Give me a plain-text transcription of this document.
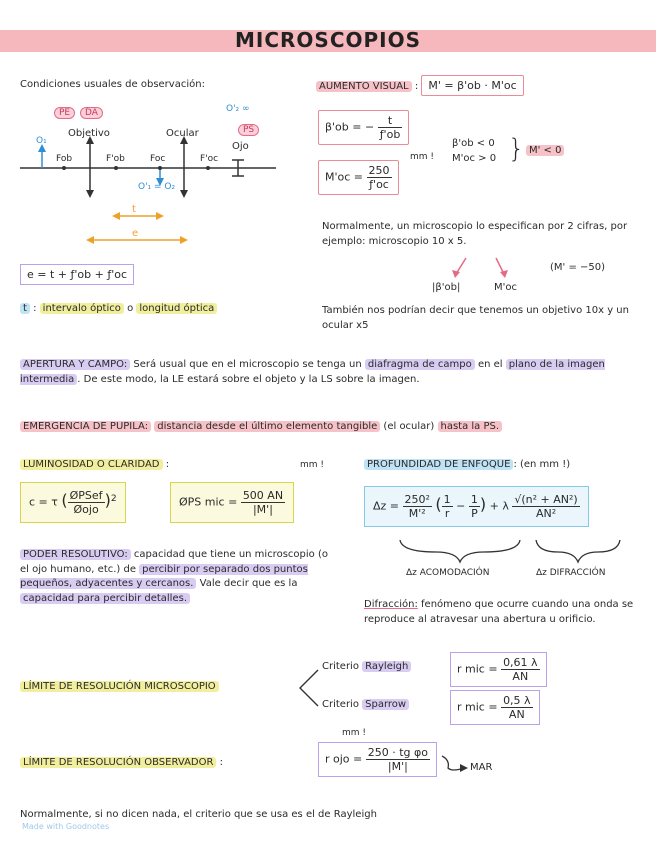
MICROSCOPIOS
Condiciones usuales de observación:
PE	DA	O'₂ ∞
PS
O₁
Objetivo	Ocular
Ojo
Fob	F'ob	Foc	F'oc
O'₁ = O₂
t
e
e = t + ƒ'ob + ƒ'oc
t : intervalo óptico o longitud óptica
AUMENTO VISUAL : M' = β'ob · M'oc
β'ob = − $\frac{t}{ƒ'ob}$
$M'oc = \frac{250}{ƒ'oc}$
mm !
β'ob < 0
M'oc > 0 } M' < 0
Normalmente, un microscopio lo especifican por 2 cifras, por ejemplo: microscopio 10 x 5.
|β'ob|	M'oc
(M' = −50)
También nos podrían decir que tenemos un objetivo 10x y un ocular x5
APERTURA Y CAMPO: Será usual que en el microscopio se tenga un diafragma de campo en el plano de la imagen intermedia . De este modo, la LE estará sobre el objeto y la LS sobre la imagen.
EMERGENCIA DE PUPILA: distancia desde el último elemento tangible (el ocular) hasta la PS.
LUMINOSIDAD O CLARIDAD :	mm !
c = τ ( $\frac{\text{ØPSef}}{\text{Øojo}} )^2$	ØPS mic = $\frac{500 AN}{|M'|}$
PROFUNDIDAD DE ENFOQUE : (en mm !)
$\Delta z = \frac{\text{250²}}{\text{M'²}}$ ( $\frac{1}{r} - \frac{1}{P}$ ) + λ $\frac{\text{√(n² + AN²)}}{\text{AN²}}$
Δz ACOMODACIÓN	Δz DIFRACCIÓN
PODER RESOLUTIVO: capacidad que tiene un microscopio (o el ojo humano, etc.) de percibir por separado dos puntos pequeños, adyacentes y cercanos. Vale decir que es la capacidad para percibir detalles.
Difracción: fenómeno que ocurre cuando una onda se reproduce al atravesar una abertura u orificio.
LÍMITE DE RESOLUCIÓN MICROSCOPIO
Criterio Rayleigh	r mic = $\frac{0,61 \lambda}{AN}$
Criterio Sparrow	r mic = $\frac{0,5 \lambda}{AN}$
LÍMITE DE RESOLUCIÓN OBSERVADOR :
mm !
r ojo = $\frac{\text{250 · tg φo}}{|M'|}$	MAR
Normalmente, si no dicen nada, el criterio que se usa es el de Rayleigh
Made with Goodnotes
